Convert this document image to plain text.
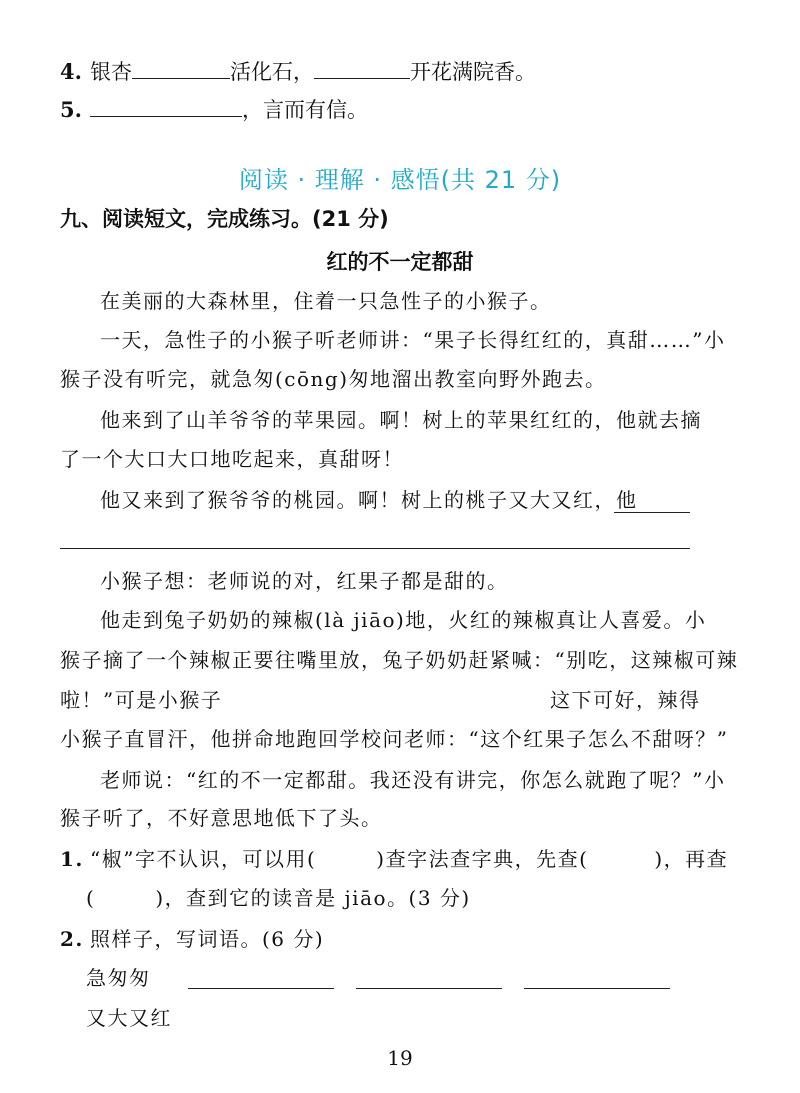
4. 银杏	活化石，	开花满院香。
5.	，言而有信。
阅读 · 理解 · 感悟(共 21 分)
九、阅读短文，完成练习。(21 分)
红的不一定都甜
在美丽的大森林里，住着一只急性子的小猴子。
一天，急性子的小猴子听老师讲：“果子长得红红的，真甜……”小
猴子没有听完，就急匆(cōng)匆地溜出教室向野外跑去。
他来到了山羊爷爷的苹果园。啊！树上的苹果红红的，他就去摘
了一个大口大口地吃起来，真甜呀！
他又来到了猴爷爷的桃园。啊！树上的桃子又大又红，他
小猴子想：老师说的对，红果子都是甜的。
他走到兔子奶奶的辣椒(là jiāo)地，火红的辣椒真让人喜爱。小
猴子摘了一个辣椒正要往嘴里放，兔子奶奶赶紧喊：“别吃，这辣椒可辣
啦！”可是小猴子	这下可好，辣得
小猴子直冒汗，他拼命地跑回学校问老师：“这个红果子怎么不甜呀？”
老师说：“红的不一定都甜。我还没有讲完，你怎么就跑了呢？”小
猴子听了，不好意思地低下了头。
1. “椒”字不认识，可以用(	)查字法查字典，先查(	)，再查
(	)，查到它的读音是 jiāo。(3 分)
2. 照样子，写词语。(6 分)
急匆匆
又大又红
19
